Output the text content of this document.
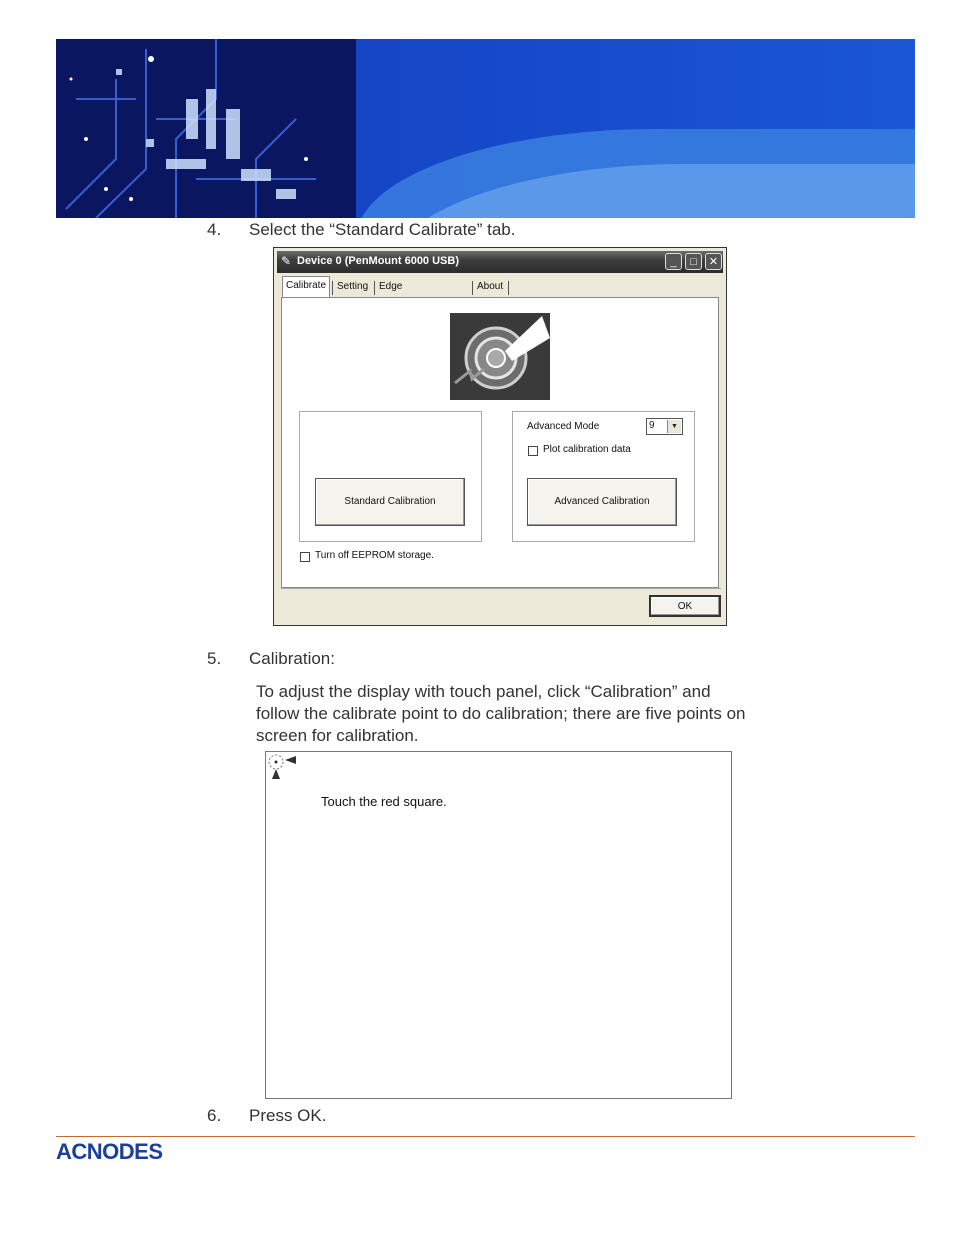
4. Select the “Standard Calibrate” tab.
✎ Device 0 (PenMount 6000 USB)	_	□	✕
Calibrate	Setting	Edge	About
Standard Calibration
Advanced Mode	9	▼
Plot calibration data
Advanced Calibration
Turn off EEPROM storage.
OK
5. Calibration:
To adjust the display with touch panel, click “Calibration” and
follow the calibrate point to do calibration; there are five points on
screen for calibration.
Touch the red square.
6. Press OK.
ACNODES
